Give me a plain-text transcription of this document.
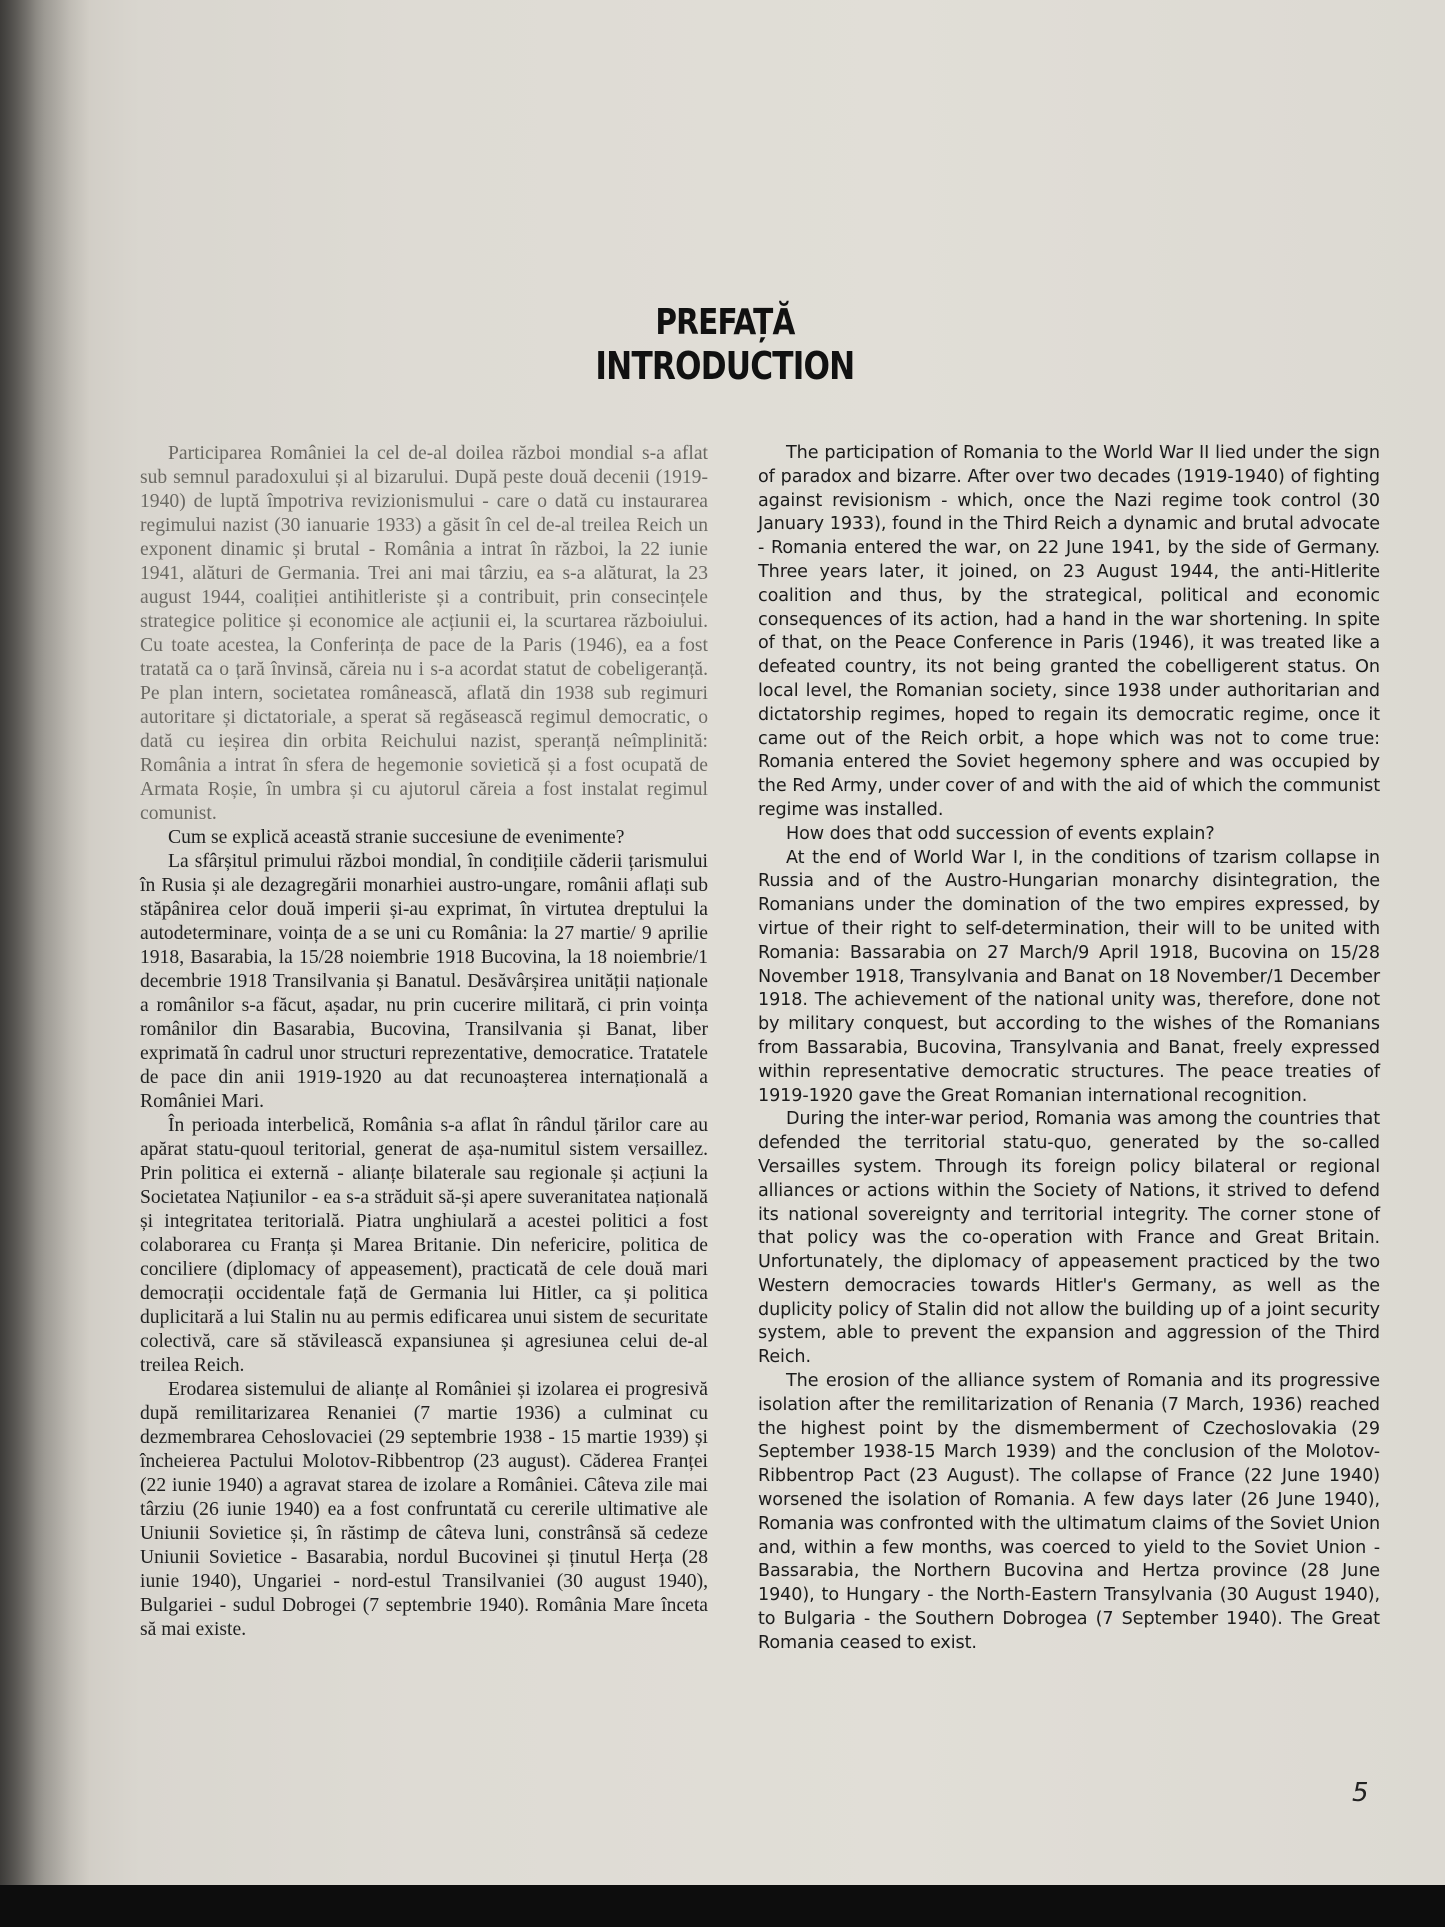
PREFAȚĂ
INTRODUCTION

Participarea României la cel de-al doilea război mondial s-a aflat sub semnul paradoxului și al bizarului. După peste două decenii (1919-1940) de luptă împotriva revizionismului - care o dată cu instaurarea regimului nazist (30 ianuarie 1933) a găsit în cel de-al treilea Reich un exponent dinamic și brutal - România a intrat în război, la 22 iunie 1941, alături de Germania. Trei ani mai târziu, ea s-a alăturat, la 23 august 1944, coaliției antihitleriste și a contribuit, prin consecințele strategice politice și economice ale acțiunii ei, la scurtarea războiului. Cu toate acestea, la Conferința de pace de la Paris (1946), ea a fost tratată ca o țară învinsă, căreia nu i s-a acordat statut de cobeligeranță. Pe plan intern, societatea românească, aflată din 1938 sub regimuri autoritare și dictatoriale, a sperat să regăsească regimul democratic, o dată cu ieșirea din orbita Reichului nazist, speranță neîmplinită: România a intrat în sfera de hegemonie sovietică și a fost ocupată de Armata Roșie, în umbra și cu ajutorul căreia a fost instalat regimul comunist.

Cum se explică această stranie succesiune de evenimente?

La sfârșitul primului război mondial, în condițiile căderii țarismului în Rusia și ale dezagregării monarhiei austro-ungare, românii aflați sub stăpânirea celor două imperii și-au exprimat, în virtutea dreptului la autodeterminare, voința de a se uni cu România: la 27 martie/ 9 aprilie 1918, Basarabia, la 15/28 noiembrie 1918 Bucovina, la 18 noiembrie/1 decembrie 1918 Transilvania și Banatul. Desăvârșirea unității naționale a românilor s-a făcut, așadar, nu prin cucerire militară, ci prin voința românilor din Basarabia, Bucovina, Transilvania și Banat, liber exprimată în cadrul unor structuri reprezentative, democratice. Tratatele de pace din anii 1919-1920 au dat recunoașterea internațională a României Mari.

În perioada interbelică, România s-a aflat în rândul țărilor care au apărat statu-quoul teritorial, generat de așa-numitul sistem versaillez. Prin politica ei externă - alianțe bilaterale sau regionale și acțiuni la Societatea Națiunilor - ea s-a străduit să-și apere suveranitatea națională și integritatea teritorială. Piatra unghiulară a acestei politici a fost colaborarea cu Franța și Marea Britanie. Din nefericire, politica de conciliere (diplomacy of appeasement), practicată de cele două mari democrații occidentale față de Germania lui Hitler, ca și politica duplicitară a lui Stalin nu au permis edificarea unui sistem de securitate colectivă, care să stăvilească expansiunea și agresiunea celui de-al treilea Reich.

Erodarea sistemului de alianțe al României și izolarea ei progresivă după remilitarizarea Renaniei (7 martie 1936) a culminat cu dezmembrarea Cehoslovaciei (29 septembrie 1938 - 15 martie 1939) și încheierea Pactului Molotov-Ribbentrop (23 august). Căderea Franței (22 iunie 1940) a agravat starea de izolare a României. Câteva zile mai târziu (26 iunie 1940) ea a fost confruntată cu cererile ultimative ale Uniunii Sovietice și, în răstimp de câteva luni, constrânsă să cedeze Uniunii Sovietice - Basarabia, nordul Bucovinei și ținutul Herța (28 iunie 1940), Ungariei - nord-estul Transilvaniei (30 august 1940), Bulgariei - sudul Dobrogei (7 septembrie 1940). România Mare înceta să mai existe.

The participation of Romania to the World War II lied under the sign of paradox and bizarre. After over two decades (1919-1940) of fighting against revisionism - which, once the Nazi regime took control (30 January 1933), found in the Third Reich a dynamic and brutal advocate - Romania entered the war, on 22 June 1941, by the side of Germany. Three years later, it joined, on 23 August 1944, the anti-Hitlerite coalition and thus, by the strategical, political and economic consequences of its action, had a hand in the war shortening. In spite of that, on the Peace Conference in Paris (1946), it was treated like a defeated country, its not being granted the cobelligerent status. On local level, the Romanian society, since 1938 under authoritarian and dictatorship regimes, hoped to regain its democratic regime, once it came out of the Reich orbit, a hope which was not to come true: Romania entered the Soviet hegemony sphere and was occupied by the Red Army, under cover of and with the aid of which the communist regime was installed.

How does that odd succession of events explain?

At the end of World War I, in the conditions of tzarism collapse in Russia and of the Austro-Hungarian monarchy disintegration, the Romanians under the domination of the two empires expressed, by virtue of their right to self-determination, their will to be united with Romania: Bassarabia on 27 March/9 April 1918, Bucovina on 15/28 November 1918, Transylvania and Banat on 18 November/1 December 1918. The achievement of the national unity was, therefore, done not by military conquest, but according to the wishes of the Romanians from Bassarabia, Bucovina, Transylvania and Banat, freely expressed within representative democratic structures. The peace treaties of 1919-1920 gave the Great Romanian international recognition.

During the inter-war period, Romania was among the countries that defended the territorial statu-quo, generated by the so-called Versailles system. Through its foreign policy bilateral or regional alliances or actions within the Society of Nations, it strived to defend its national sovereignty and territorial integrity. The corner stone of that policy was the co-operation with France and Great Britain. Unfortunately, the diplomacy of appeasement practiced by the two Western democracies towards Hitler's Germany, as well as the duplicity policy of Stalin did not allow the building up of a joint security system, able to prevent the expansion and aggression of the Third Reich.

The erosion of the alliance system of Romania and its progressive isolation after the remilitarization of Renania (7 March, 1936) reached the highest point by the dismemberment of Czechoslovakia (29 September 1938-15 March 1939) and the conclusion of the Molotov-Ribbentrop Pact (23 August). The collapse of France (22 June 1940) worsened the isolation of Romania. A few days later (26 June 1940), Romania was confronted with the ultimatum claims of the Soviet Union and, within a few months, was coerced to yield to the Soviet Union - Bassarabia, the Northern Bucovina and Hertza province (28 June 1940), to Hungary - the North-Eastern Transylvania (30 August 1940), to Bulgaria - the Southern Dobrogea (7 September 1940). The Great Romania ceased to exist.

5
